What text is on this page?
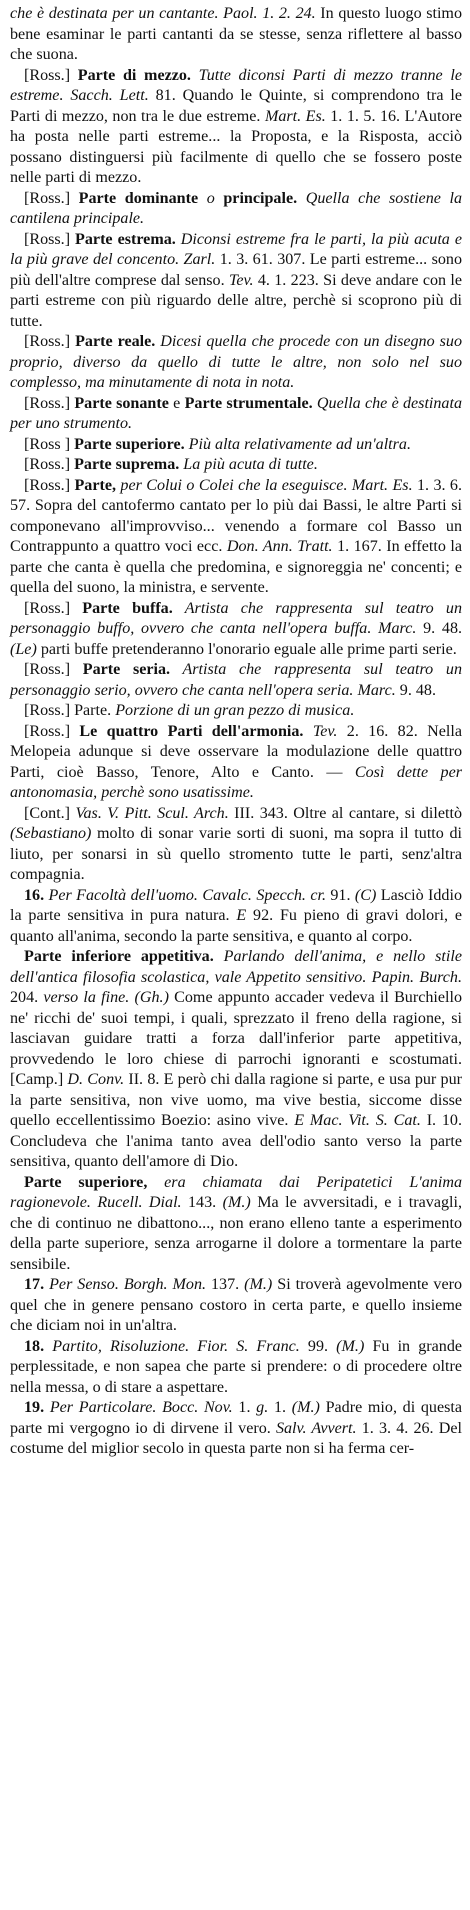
che è destinata per un cantante. Paol. 1. 2. 24. In questo luogo stimo bene esaminar le parti cantanti da se stesse, senza riflettere al basso che suona.

[Ross.] Parte di mezzo. Tutte diconsi Parti di mezzo tranne le estreme. Sacch. Lett. 81. Quando le Quinte, si comprendono tra le Parti di mezzo, non tra le due estreme. Mart. Es. 1. 1. 5. 16. L'Autore ha posta nelle parti estreme... la Proposta, e la Risposta, acciò possano distinguersi più facilmente di quello che se fossero poste nelle parti di mezzo.

[Ross.] Parte dominante o principale. Quella che sostiene la cantilena principale.

[Ross.] Parte estrema. Diconsi estreme fra le parti, la più acuta e la più grave del concento. Zarl. 1. 3. 61. 307. Le parti estreme... sono più dell'altre comprese dal senso. Tev. 4. 1. 223. Si deve andare con le parti estreme con più riguardo delle altre, perchè si scoprono più di tutte.

[Ross.] Parte reale. Dicesi quella che procede con un disegno suo proprio, diverso da quello di tutte le altre, non solo nel suo complesso, ma minutamente di nota in nota.

[Ross.] Parte sonante e Parte strumentale. Quella che è destinata per uno strumento.

[Ross ] Parte superiore. Più alta relativamente ad un'altra.

[Ross.] Parte suprema. La più acuta di tutte.

[Ross.] Parte, per Colui o Colei che la eseguisce. Mart. Es. 1. 3. 6. 57. Sopra del cantofermo cantato per lo più dai Bassi, le altre Parti si componevano all'improvviso... venendo a formare col Basso un Contrappunto a quattro voci ecc. Don. Ann. Tratt. 1. 167. In effetto la parte che canta è quella che predomina, e signoreggia ne' concenti; e quella del suono, la ministra, e servente.

[Ross.] Parte buffa. Artista che rappresenta sul teatro un personaggio buffo, ovvero che canta nell'opera buffa. Marc. 9. 48. (Le) parti buffe pretenderanno l'onorario eguale alle prime parti serie.

[Ross.] Parte seria. Artista che rappresenta sul teatro un personaggio serio, ovvero che canta nell'opera seria. Marc. 9. 48.

[Ross.] Parte. Porzione di un gran pezzo di musica.

[Ross.] Le quattro Parti dell'armonia. Tev. 2. 16. 82. Nella Melopeia adunque si deve osservare la modulazione delle quattro Parti, cioè Basso, Tenore, Alto e Canto. — Così dette per antonomasia, perchè sono usatissime.

[Cont.] Vas. V. Pitt. Scul. Arch. III. 343. Oltre al cantare, si dilettò (Sebastiano) molto di sonar varie sorti di suoni, ma sopra il tutto di liuto, per sonarsi in sù quello stromento tutte le parti, senz'altra compagnia.

16. Per Facoltà dell'uomo. Cavalc. Specch. cr. 91. (C) Lasciò Iddio la parte sensitiva in pura natura. E 92. Fu pieno di gravi dolori, e quanto all'anima, secondo la parte sensitiva, e quanto al corpo.

Parte inferiore appetitiva. Parlando dell'anima, e nello stile dell'antica filosofia scolastica, vale Appetito sensitivo. Papin. Burch. 204. verso la fine. (Gh.) Come appunto accader vedeva il Burchiello ne' ricchi de' suoi tempi, i quali, sprezzato il freno della ragione, si lasciavan guidare tratti a forza dall'inferior parte appetitiva, provvedendo le loro chiese di parrochi ignoranti e scostumati. [Camp.] D. Conv. II. 8. E però chi dalla ragione si parte, e usa pur pur la parte sensitiva, non vive uomo, ma vive bestia, siccome disse quello eccellentissimo Boezio: asino vive. E Mac. Vit. S. Cat. I. 10. Concludeva che l'anima tanto avea dell'odio santo verso la parte sensitiva, quanto dell'amore di Dio.

Parte superiore, era chiamata dai Peripatetici L'anima ragionevole. Rucell. Dial. 143. (M.) Ma le avversitadi, e i travagli, che di continuo ne dibattono..., non erano elleno tante a esperimento della parte superiore, senza arrogarne il dolore a tormentare la parte sensibile.

17. Per Senso. Borgh. Mon. 137. (M.) Si troverà agevolmente vero quel che in genere pensano costoro in certa parte, e quello insieme che diciam noi in un'altra.

18. Partito, Risoluzione. Fior. S. Franc. 99. (M.) Fu in grande perplessitade, e non sapea che parte si prendere: o di procedere oltre nella messa, o di stare a aspettare.

19. Per Particolare. Bocc. Nov. 1. g. 1. (M.) Padre mio, di questa parte mi vergogno io di dirvene il vero. Salv. Avvert. 1. 3. 4. 26. Del costume del miglior secolo in questa parte non si ha ferma cer-
